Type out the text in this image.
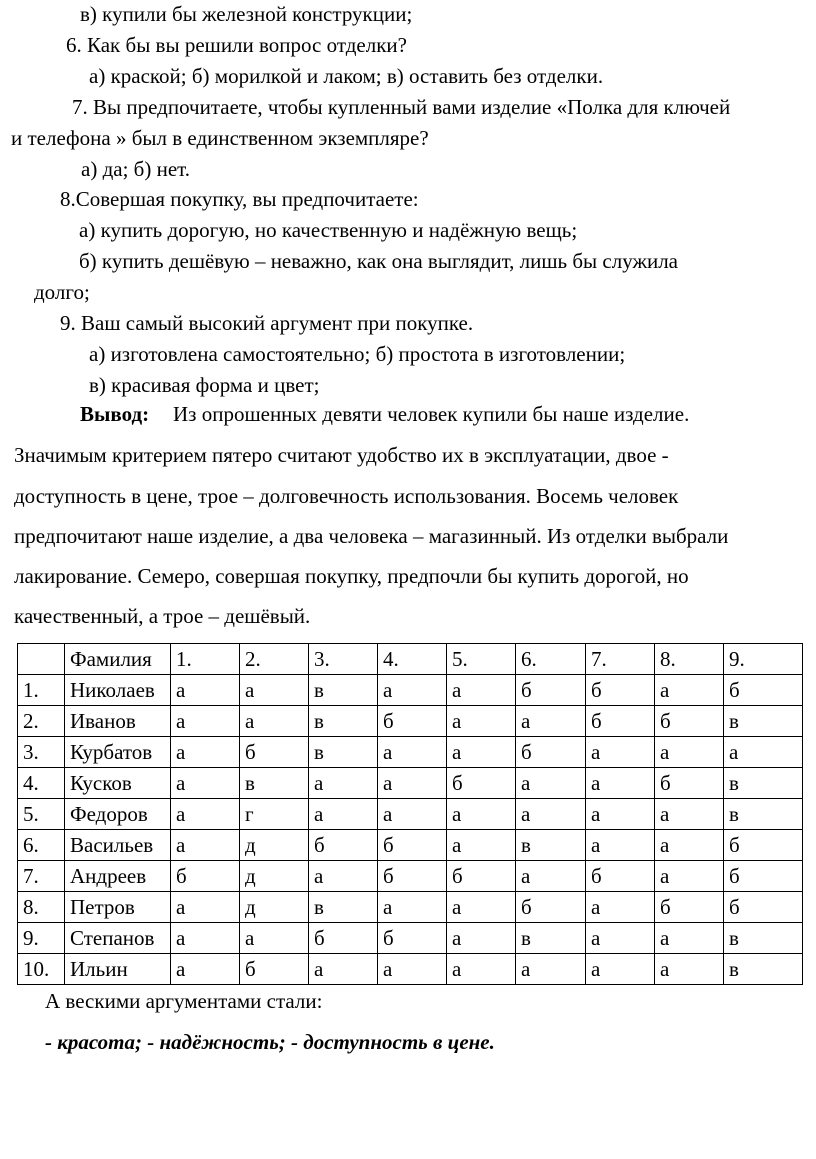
в) купили бы железной конструкции;
6. Как бы вы решили вопрос отделки?
а) краской; б) морилкой и лаком; в) оставить без отделки.
7. Вы предпочитаете, чтобы купленный вами изделие «Полка для ключей
и телефона » был в единственном экземпляре?
а) да; б) нет.
8.Совершая покупку, вы предпочитаете:
а) купить дорогую, но качественную и надёжную вещь;
б) купить дешёвую – неважно, как она выглядит, лишь бы служила
долго;
9. Ваш самый высокий аргумент при покупке.
а) изготовлена самостоятельно; б) простота в изготовлении;
в) красивая форма и цвет;
Вывод: Из опрошенных девяти человек купили бы наше изделие.
Значимым критерием пятеро считают удобство их в эксплуатации, двое -
доступность в цене, трое – долговечность использования. Восемь человек
предпочитают наше изделие, а два человека – магазинный. Из отделки выбрали
лакирование. Семеро, совершая покупку, предпочли бы купить дорогой, но
качественный, а трое – дешёвый.
	Фамилия	1.	2.	3.	4.	5.	6.	7.	8.	9.
1.	Николаев	а	а	в	а	а	б	б	а	б
2.	Иванов	а	а	в	б	а	а	б	б	в
3.	Курбатов	а	б	в	а	а	б	а	а	а
4.	Кусков	а	в	а	а	б	а	а	б	в
5.	Федоров	а	г	а	а	а	а	а	а	в
6.	Васильев	а	д	б	б	а	в	а	а	б
7.	Андреев	б	д	а	б	б	а	б	а	б
8.	Петров	а	д	в	а	а	б	а	б	б
9.	Степанов	а	а	б	б	а	в	а	а	в
10.	Ильин	а	б	а	а	а	а	а	а	в
А вескими аргументами стали:
- красота; - надёжность; - доступность в цене.
